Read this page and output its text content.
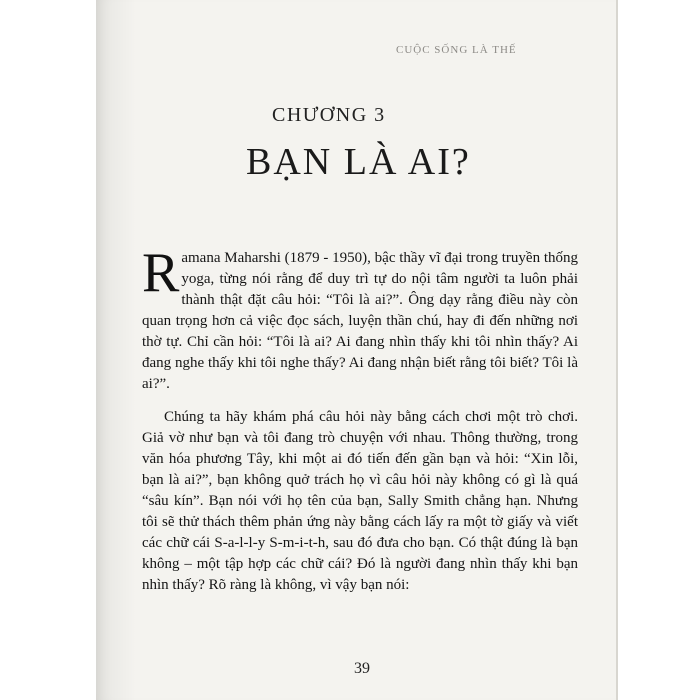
CUỘC SỐNG LÀ THẾ
CHƯƠNG 3
BẠN LÀ AI?

Ramana Maharshi (1879 - 1950), bậc thầy vĩ đại trong truyền thống yoga, từng nói rằng để duy trì tự do nội tâm người ta luôn phải thành thật đặt câu hỏi: “Tôi là ai?”. Ông dạy rằng điều này còn quan trọng hơn cả việc đọc sách, luyện thần chú, hay đi đến những nơi thờ tự. Chỉ cần hỏi: “Tôi là ai? Ai đang nhìn thấy khi tôi nhìn thấy? Ai đang nghe thấy khi tôi nghe thấy? Ai đang nhận biết rằng tôi biết? Tôi là ai?”.

Chúng ta hãy khám phá câu hỏi này bằng cách chơi một trò chơi. Giả vờ như bạn và tôi đang trò chuyện với nhau. Thông thường, trong văn hóa phương Tây, khi một ai đó tiến đến gần bạn và hỏi: “Xin lỗi, bạn là ai?”, bạn không quở trách họ vì câu hỏi này không có gì là quá “sâu kín”. Bạn nói với họ tên của bạn, Sally Smith chẳng hạn. Nhưng tôi sẽ thử thách thêm phản ứng này bằng cách lấy ra một tờ giấy và viết các chữ cái S-a-l-l-y S-m-i-t-h, sau đó đưa cho bạn. Có thật đúng là bạn không – một tập hợp các chữ cái? Đó là người đang nhìn thấy khi bạn nhìn thấy? Rõ ràng là không, vì vậy bạn nói:

39
